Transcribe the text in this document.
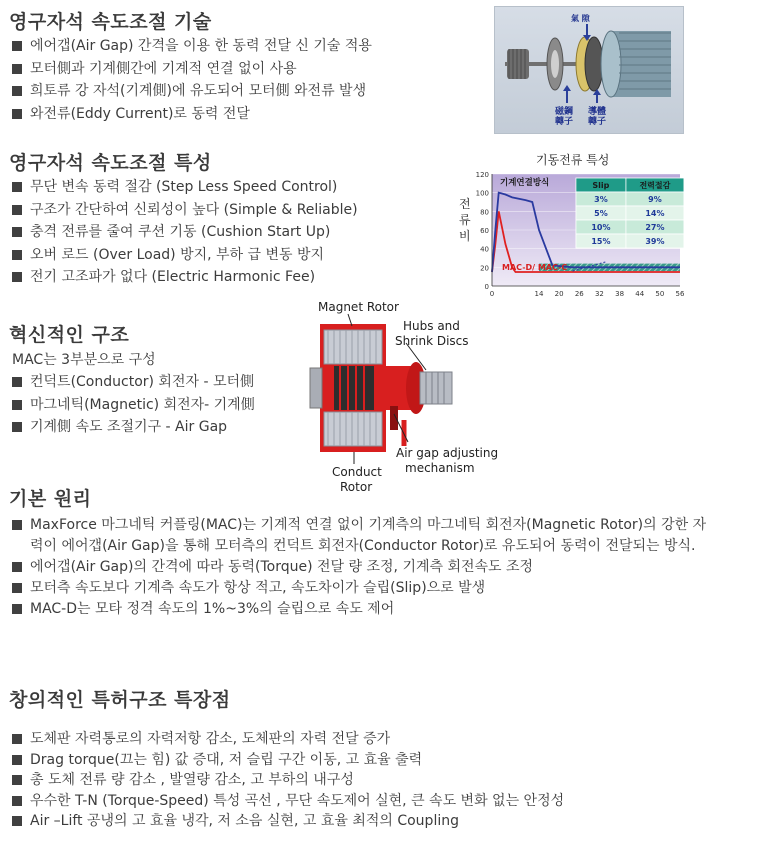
영구자석 속도조절 기술
에어갭(Air Gap) 간격을 이용 한 동력 전달 신 기술 적용
모터側과 기계側간에 기계적 연결 없이 사용
희토류 강 자석(기계側)에 유도되어 모터側 와전류 발생
와전류(Eddy Current)로 동력 전달
氣 隙
磁鋼 轉子
導體 轉子
영구자석 속도조절 특성
무단 변속 동력 절감 (Step Less Speed Control)
구조가 간단하여 신뢰성이 높다 (Simple & Reliable)
충격 전류를 줄여 쿠션 기동 (Cushion Start Up)
오버 로드 (Over Load) 방지, 부하 급 변동 방지
전기 고조파가 없다 (Electric Harmonic Fee)
기동전류 특성
전류비
0
20
40
60
80
100
120
0	14 20 26 32 38 44 50 56
기계연결방식
MAC-D/ MAC-C
Slip	전력절감
3%	9%
5%	14%
10%	27%
15%	39%
혁신적인 구조
MAC는 3부분으로 구성
컨덕트(Conductor) 회전자 - 모터側
마그네틱(Magnetic) 회전자- 기계側
기계側 속도 조절기구 - Air Gap
Magnet Rotor
Hubs and
Shrink Discs
Air gap adjusting
mechanism
Conduct
Rotor
기본 원리
MaxForce 마그네틱 커플링(MAC)는 기계적 연결 없이 기계측의 마그네틱 회전자(Magnetic Rotor)의 강한 자력이 에어갭(Air Gap)을 통해 모터측의 컨덕트 회전자(Conductor Rotor)로 유도되어 동력이 전달되는 방식.
에어갭(Air Gap)의 간격에 따라 동력(Torque) 전달 량 조정, 기계측 회전속도 조정
모터측 속도보다 기계측 속도가 항상 적고, 속도차이가 슬립(Slip)으로 발생
MAC-D는 모타 정격 속도의 1%~3%의 슬립으로 속도 제어
창의적인 특허구조 특장점
도체판 자력통로의 자력저항 감소, 도체판의 자력 전달 증가
Drag torque(끄는 힘) 값 증대, 저 슬립 구간 이동, 고 효율 출력
총 도체 전류 량 감소 , 발열량 감소, 고 부하의 내구성
우수한 T-N (Torque-Speed) 특성 곡선 , 무단 속도제어 실현, 큰 속도 변화 없는 안정성
Air –Lift 공냉의 고 효율 냉각, 저 소음 실현, 고 효율 최적의 Coupling
